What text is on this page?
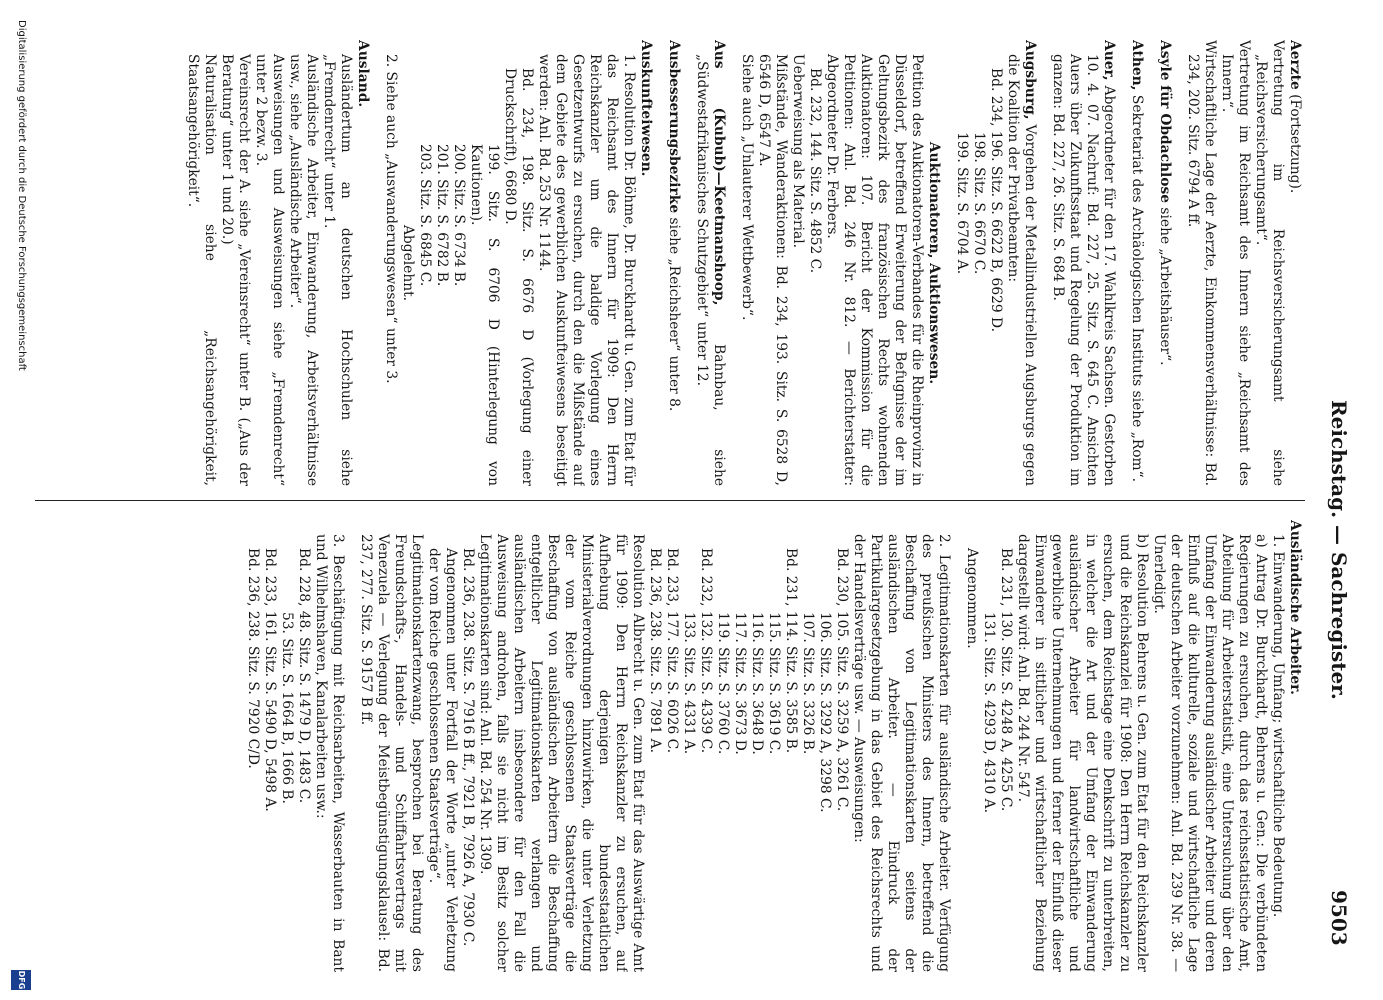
Reichstag. — Sachregister.
9503

Aerzte (Fortsetzung).

Vertretung im Reichsversicherungsamt siehe „Reichsversicherungsamt“.

Vertretung im Reichsamt des Innern siehe „Reichsamt des Innern“.

Wirtschaftliche Lage der Aerzte, Einkommensverhältnisse: Bd. 234, 202. Sitz. 6794 A ff.

Asyle für Obdachlose siehe „Arbeitshäuser“.

Athen, Sekretariat des Archäologischen Instituts siehe „Rom“.

Auer, Abgeordneter für den 17. Wahlkreis Sachsen. Gestorben 10. 4. 07. Nachruf: Bd. 227, 25. Sitz. S. 645 C. Ansichten Auers über Zukunftsstaat und Regelung der Produktion im ganzen: Bd. 227, 26. Sitz. S. 684 B.

Augsburg, Vorgehen der Metallindustriellen Augsburgs gegen die Koalition der Privatbeamten:

Bd. 234, 196. Sitz. S. 6622 B, 6629 D.

198. Sitz. S. 6670 C.

199. Sitz. S. 6704 A.

Auktionatoren, Auktionswesen.

Petition des Auktionatoren-Verbandes für die Rheinprovinz in Düsseldorf, betreffend Erweiterung der Befugnisse der im Geltungsbezirk des französischen Rechts wohnenden Auktionatoren: 107. Bericht der Kommission für die Petitionen: Anl. Bd. 246 Nr. 812. — Berichterstatter: Abgeordneter Dr. Ferbers.

Bd. 232, 144. Sitz. S. 4852 C.

Ueberweisung als Material.

Mißstände, Wanderaktionen: Bd. 234, 193. Sitz. S. 6528 D, 6546 D, 6547 A.

Siehe auch „Unlauterer Wettbewerb“.

Aus (Kubub)—Keetmanshoop, Bahnbau, siehe „Südwestafrikanisches Schutzgebiet“ unter 12.

Ausbesserungsbezirke siehe „Reichsheer“ unter 8.

Auskunfteiwesen.

1. Resolution Dr. Böhme, Dr. Burckhardt u. Gen. zum Etat für das Reichsamt des Innern für 1909: Den Herrn Reichskanzler um die baldige Vorlegung eines Gesetzentwurfs zu ersuchen, durch den die Mißstände auf dem Gebiete des gewerblichen Auskunfteiwesens beseitigt werden: Anl. Bd. 253 Nr. 1144.

Bd. 234, 198. Sitz. S. 6676 D (Vorlegung einer Druckschrift), 6680 D.

199. Sitz. S. 6706 D (Hinterlegung von Kautionen).

200. Sitz. S. 6734 B.

201. Sitz. S. 6782 B.

203. Sitz. S. 6845 C.

Abgelehnt.

2. Siehe auch „Auswanderungswesen“ unter 3.

Ausland.

Ausländertum an deutschen Hochschulen siehe „Fremdenrecht“ unter 1.

Ausländische Arbeiter, Einwanderung, Arbeitsverhältnisse usw., siehe „Ausländische Arbeiter“.

Ausweisungen und Ausweisungen siehe „Fremdenrecht“ unter 2 bezw. 3.

Vereinsrecht der A. siehe „Vereinsrecht“ unter B. („Aus der Beratung“ unter 1 und 20.)

Naturalisation siehe „Reichsangehörigkeit, Staatsangehörigkeit“.

Ausländische Arbeiter.

1. Einwanderung, Umfang; wirtschaftliche Bedeutung.

a) Antrag Dr. Burckhardt, Behrens u. Gen.: Die verbündeten Regierungen zu ersuchen, durch das reichsstatistische Amt, Abteilung für Arbeiterstatistik, eine Untersuchung über den Umfang der Einwanderung ausländischer Arbeiter und deren Einfluß auf die kulturelle, soziale und wirtschaftliche Lage der deutschen Arbeiter vorzunehmen: Anl. Bd. 239 Nr. 38. — Unerledigt.

b) Resolution Behrens u. Gen. zum Etat für den Reichskanzler und die Reichskanzlei für 1908: Den Herrn Reichskanzler zu ersuchen, dem Reichstage eine Denkschrift zu unterbreiten, in welcher die Art und der Umfang der Einwanderung ausländischer Arbeiter für landwirtschaftliche und gewerbliche Unternehmungen und ferner der Einfluß dieser Einwanderer in sittlicher und wirtschaftlicher Beziehung dargestellt wird: Anl. Bd. 244 Nr. 547.

Bd. 231, 130. Sitz. S. 4248 A, 4255 C.

131. Sitz. S. 4293 D, 4310 A.

Angenommen.

2. Legitimationskarten für ausländische Arbeiter. Verfügung des preußischen Ministers des Innern, betreffend die Beschaffung von Legitimationskarten seitens der ausländischen Arbeiter. — Eindruck der Partikulargesetzgebung in das Gebiet des Reichsrechts und der Handelsverträge usw. — Ausweisungen:

Bd. 230, 105. Sitz. S. 3259 A, 3261 C.

106. Sitz. S. 3292 A, 3298 C.

107. Sitz. S. 3326 B.

Bd. 231, 114. Sitz. S. 3585 B.

115. Sitz. S. 3619 C.

116. Sitz. S. 3648 D.

117. Sitz. S. 3673 D.

119. Sitz. S. 3760 C.

Bd. 232, 132. Sitz. S. 4339 C.

133. Sitz. S. 4331 A.

Bd. 233, 177. Sitz. S. 6026 C.

Bd. 236, 238. Sitz. S. 7891 A.

Resolution Albrecht u. Gen. zum Etat für das Auswärtige Amt für 1909: Den Herrn Reichskanzler zu ersuchen, auf Aufhebung derjenigen bundesstaatlichen Ministerialverordnungen hinzuwirken, die unter Verletzung der vom Reiche geschlossenen Staatsverträge die Beschaffung von ausländischen Arbeitern die Beschaffung entgeltlicher Legitimationskarten verlangen und ausländischen Arbeitern insbesondere für den Fall die Ausweisung androhen, falls sie nicht im Besitz solcher Legitimationskarten sind: Anl. Bd. 254 Nr. 1309.

Bd. 236, 238. Sitz. S. 7916 B ff., 7921 B, 7926 A, 7930 C.

Angenommen unter Fortfall der Worte „unter Verletzung der vom Reiche geschlossenen Staatsverträge“.

Legitimationskartenzwang, besprochen bei Beratung des Freundschafts-, Handels- und Schiffahrtsvertrags mit Venezuela — Verlegung der Meistbegünstigungsklausel: Bd. 237, 277. Sitz. S. 9157 B ff.

3. Beschäftigung mit Reichsarbeiten, Wasserbauten in Bant und Wilhelmshaven, Kanalarbeiten usw.:

Bd. 228, 48. Sitz. S. 1479 D, 1483 C.

53. Sitz. S. 1664 B, 1666 B.

Bd. 233, 161. Sitz. S. 5490 D, 5498 A.

Bd. 236, 238. Sitz. S. 7920 C/D.

Digitalisierung gefördert durch die Deutsche Forschungsgemeinschaft
DFG
